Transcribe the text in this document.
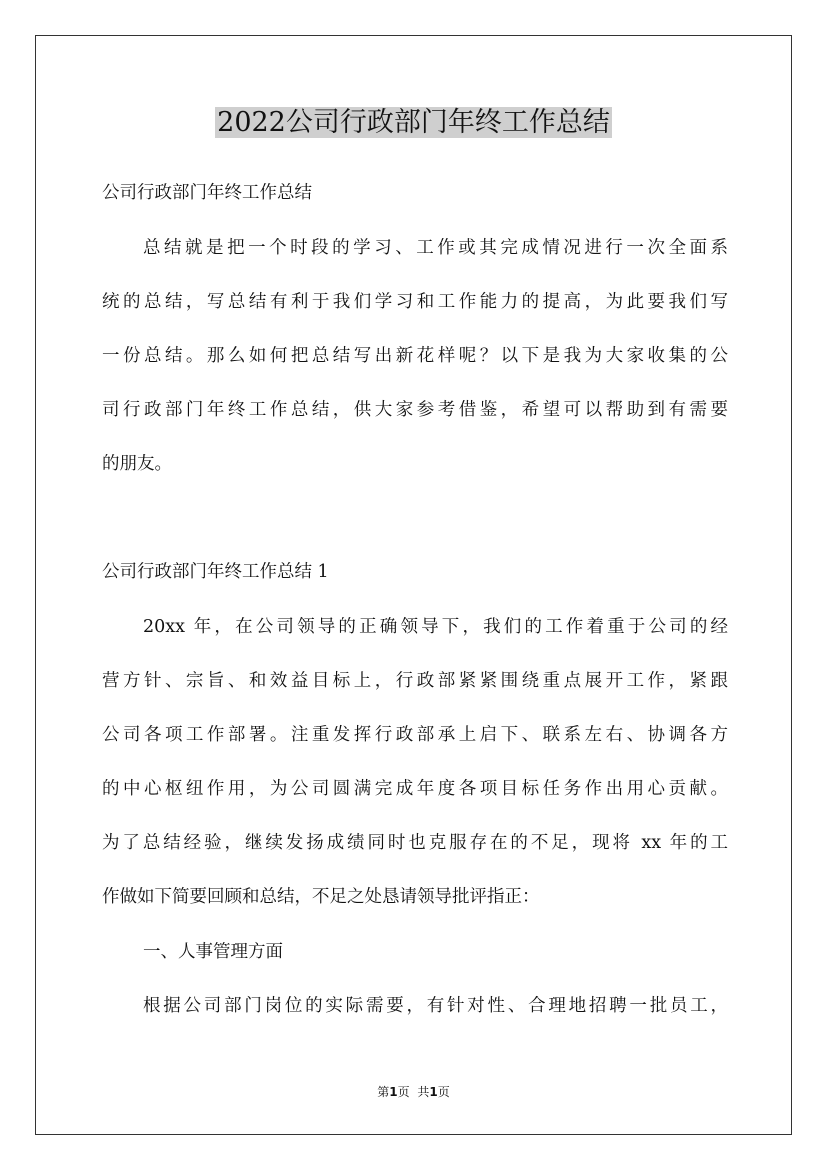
2022公司行政部门年终工作总结
公司行政部门年终工作总结
总结就是把一个时段的学习、工作或其完成情况进行一次全面系
统的总结，写总结有利于我们学习和工作能力的提高，为此要我们写
一份总结。那么如何把总结写出新花样呢？以下是我为大家收集的公
司行政部门年终工作总结，供大家参考借鉴，希望可以帮助到有需要
的朋友。
公司行政部门年终工作总结 1
20xx 年，在公司领导的正确领导下，我们的工作着重于公司的经
营方针、宗旨、和效益目标上，行政部紧紧围绕重点展开工作，紧跟
公司各项工作部署。注重发挥行政部承上启下、联系左右、协调各方
的中心枢纽作用，为公司圆满完成年度各项目标任务作出用心贡献。
为了总结经验，继续发扬成绩同时也克服存在的不足，现将 xx 年的工
作做如下简要回顾和总结，不足之处恳请领导批评指正：
一、人事管理方面
根据公司部门岗位的实际需要，有针对性、合理地招聘一批员工，
第1页 共1页
